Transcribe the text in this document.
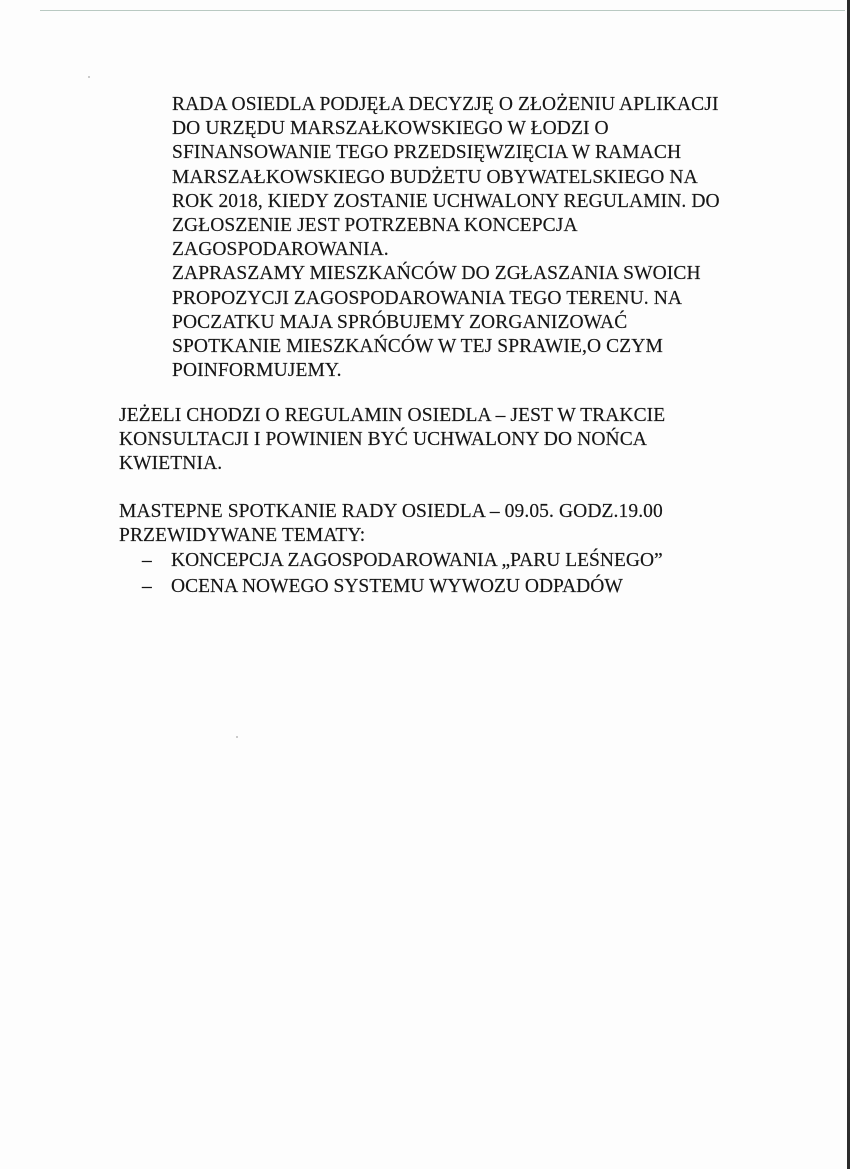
RADA OSIEDLA PODJĘŁA DECYZJĘ O ZŁOŻENIU APLIKACJI
DO URZĘDU MARSZAŁKOWSKIEGO W ŁODZI O
SFINANSOWANIE TEGO PRZEDSIĘWZIĘCIA W RAMACH
MARSZAŁKOWSKIEGO BUDŻETU OBYWATELSKIEGO NA
ROK 2018, KIEDY ZOSTANIE UCHWALONY REGULAMIN. DO
ZGŁOSZENIE JEST POTRZEBNA KONCEPCJA
ZAGOSPODAROWANIA.
ZAPRASZAMY MIESZKAŃCÓW DO ZGŁASZANIA SWOICH
PROPOZYCJI ZAGOSPODAROWANIA TEGO TERENU. NA
POCZATKU MAJA SPRÓBUJEMY ZORGANIZOWAĆ
SPOTKANIE MIESZKAŃCÓW W TEJ SPRAWIE,O CZYM
POINFORMUJEMY.
JEŻELI CHODZI O REGULAMIN OSIEDLA – JEST W TRAKCIE
KONSULTACJI I POWINIEN BYĆ UCHWALONY DO NOŃCA
KWIETNIA.
MASTEPNE SPOTKANIE RADY OSIEDLA – 09.05. GODZ.19.00
PRZEWIDYWANE TEMATY:
– KONCEPCJA ZAGOSPODAROWANIA „PARU LEŚNEGO”
– OCENA NOWEGO SYSTEMU WYWOZU ODPADÓW
